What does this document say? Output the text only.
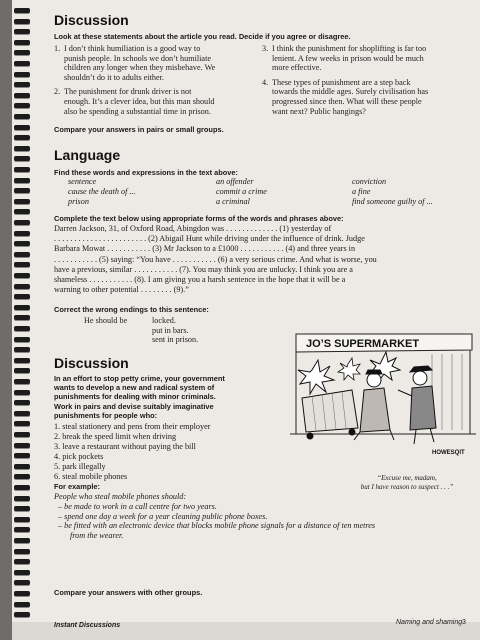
Discussion
Look at these statements about the article you read. Decide if you agree or disagree.
1. I don’t think humiliation is a good way to
punish people. In schools we don’t humiliate
children any longer when they misbehave. We
shouldn’t do it to adults either.
2. The punishment for drunk driver is not
enough. It’s a clever idea, but this man should
also be spending a substantial time in prison.
3. I think the punishment for shoplifting is far too
lenient. A few weeks in prison would be much
more effective.
4. These types of punishment are a step back
towards the middle ages. Surely civilisation has
progressed since then. What will these people
want next? Public hangings?
Compare your answers in pairs or small groups.
Language
Find these words and expressions in the text above:
sentence	an offender	conviction
cause the death of ...	commit a crime	a fine
prison	a criminal	find someone guilty of ...
Complete the text below using appropriate forms of the words and phrases above:
Darren Jackson, 31, of Oxford Road, Abingdon was . . . . . . . . . . . . . (1) yesterday of
. . . . . . . . . . . . . . . . . . . . . . . (2) Abigail Hunt while driving under the influence of drink. Judge
Barbara Mowat . . . . . . . . . . . (3) Mr Jackson to a £1000 . . . . . . . . . . . (4) and three years in
. . . . . . . . . . . (5) saying: “You have . . . . . . . . . . . (6) a very serious crime. And what is worse, you
have a previous, similar . . . . . . . . . . . (7). You may think you are unlucky. I think you are a
shameless . . . . . . . . . . . (8). I am giving you a harsh sentence in the hope that it will be a
warning to other potential . . . . . . . . (9).”
Correct the wrong endings to this sentence:
He should be	locked.
put in bars.
sent in prison.
Discussion
In an effort to stop petty crime, your government
wants to develop a new and radical system of
punishments for dealing with minor criminals.
Work in pairs and devise suitably imaginative
punishments for people who:
1. steal stationery and pens from their employer
2. break the speed limit when driving
3. leave a restaurant without paying the bill
4. pick pockets
5. park illegally
6. steal mobile phones
For example:
People who steal mobile phones should:
– be made to work in a call centre for two years.
– spend one day a week for a year cleaning public phone boxes.
– be fitted with an electronic device that blocks mobile phone signals for a distance of ten metres
from the wearer.
Compare your answers with other groups.
JO’S SUPERMARKET
HOWESQIT
“Excuse me, madam,
but I have reason to suspect . . .”
Instant Discussions	Naming and shaming 3
